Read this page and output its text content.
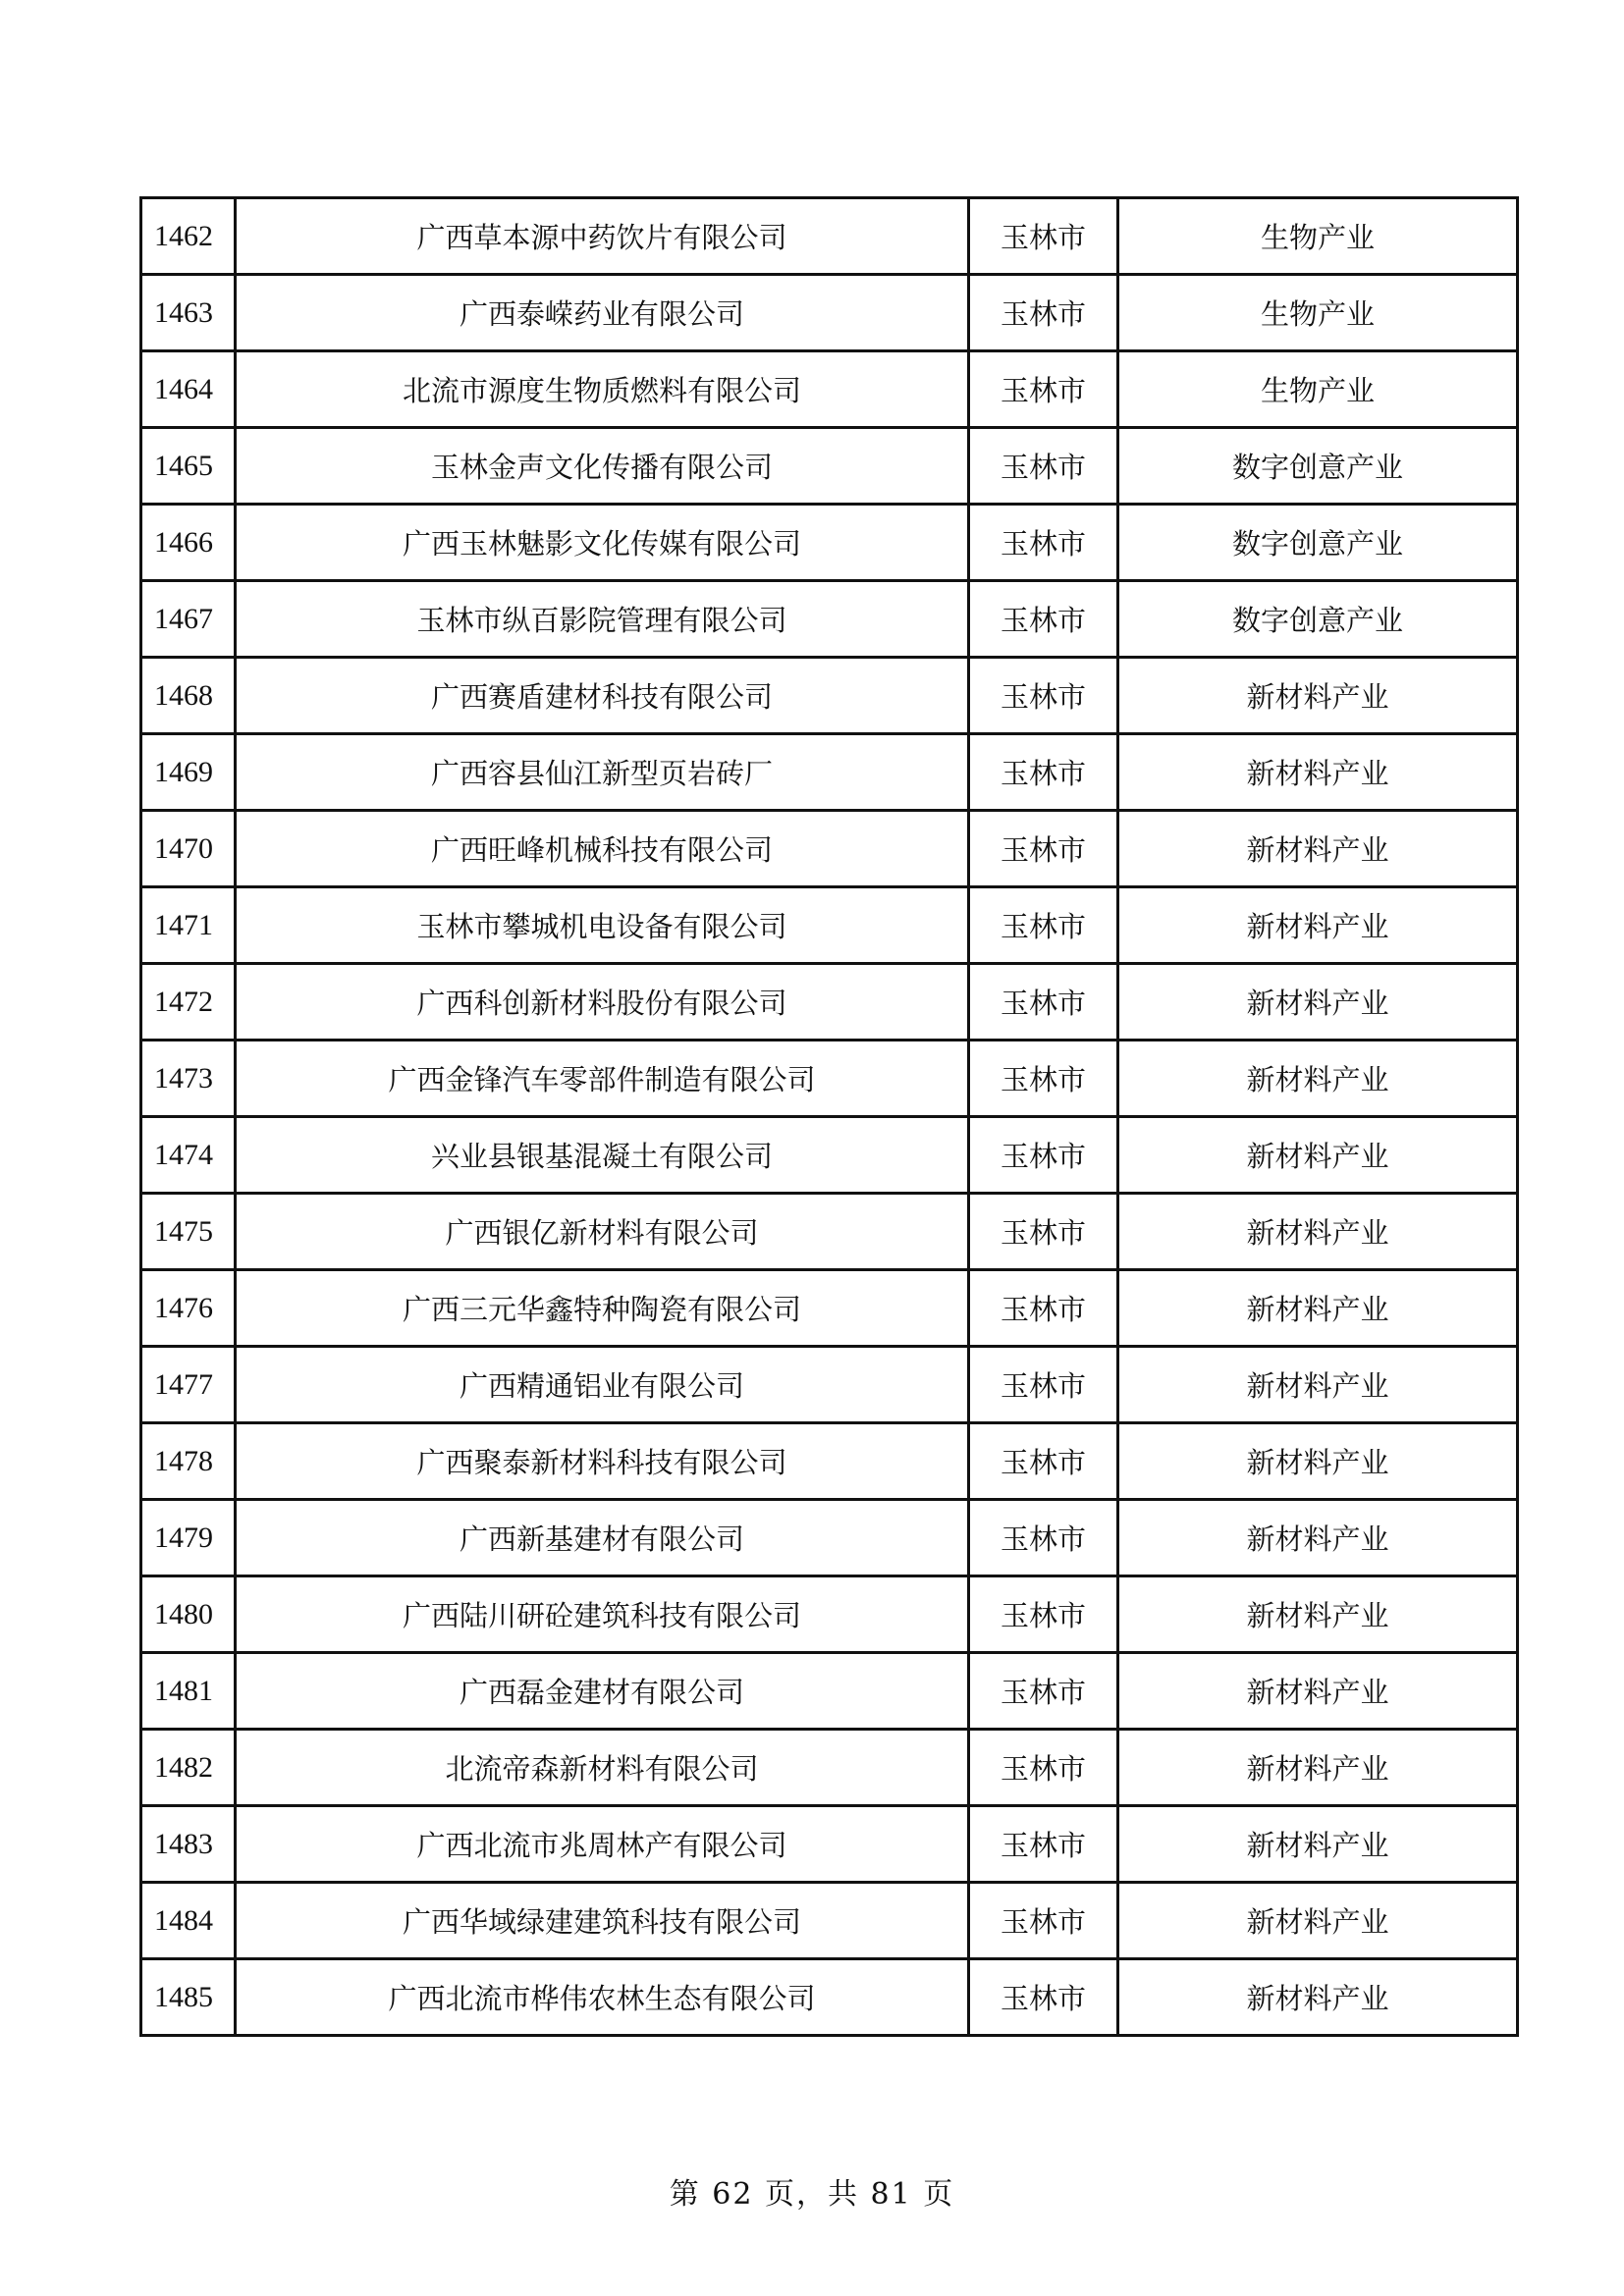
1462	广西草本源中药饮片有限公司	玉林市	生物产业
1463	广西泰嵘药业有限公司	玉林市	生物产业
1464	北流市源度生物质燃料有限公司	玉林市	生物产业
1465	玉林金声文化传播有限公司	玉林市	数字创意产业
1466	广西玉林魅影文化传媒有限公司	玉林市	数字创意产业
1467	玉林市纵百影院管理有限公司	玉林市	数字创意产业
1468	广西赛盾建材科技有限公司	玉林市	新材料产业
1469	广西容县仙江新型页岩砖厂	玉林市	新材料产业
1470	广西旺峰机械科技有限公司	玉林市	新材料产业
1471	玉林市攀城机电设备有限公司	玉林市	新材料产业
1472	广西科创新材料股份有限公司	玉林市	新材料产业
1473	广西金锋汽车零部件制造有限公司	玉林市	新材料产业
1474	兴业县银基混凝土有限公司	玉林市	新材料产业
1475	广西银亿新材料有限公司	玉林市	新材料产业
1476	广西三元华鑫特种陶瓷有限公司	玉林市	新材料产业
1477	广西精通铝业有限公司	玉林市	新材料产业
1478	广西聚泰新材料科技有限公司	玉林市	新材料产业
1479	广西新基建材有限公司	玉林市	新材料产业
1480	广西陆川研砼建筑科技有限公司	玉林市	新材料产业
1481	广西磊金建材有限公司	玉林市	新材料产业
1482	北流帝森新材料有限公司	玉林市	新材料产业
1483	广西北流市兆周林产有限公司	玉林市	新材料产业
1484	广西华域绿建建筑科技有限公司	玉林市	新材料产业
1485	广西北流市桦伟农林生态有限公司	玉林市	新材料产业
第 62 页，共 81 页
